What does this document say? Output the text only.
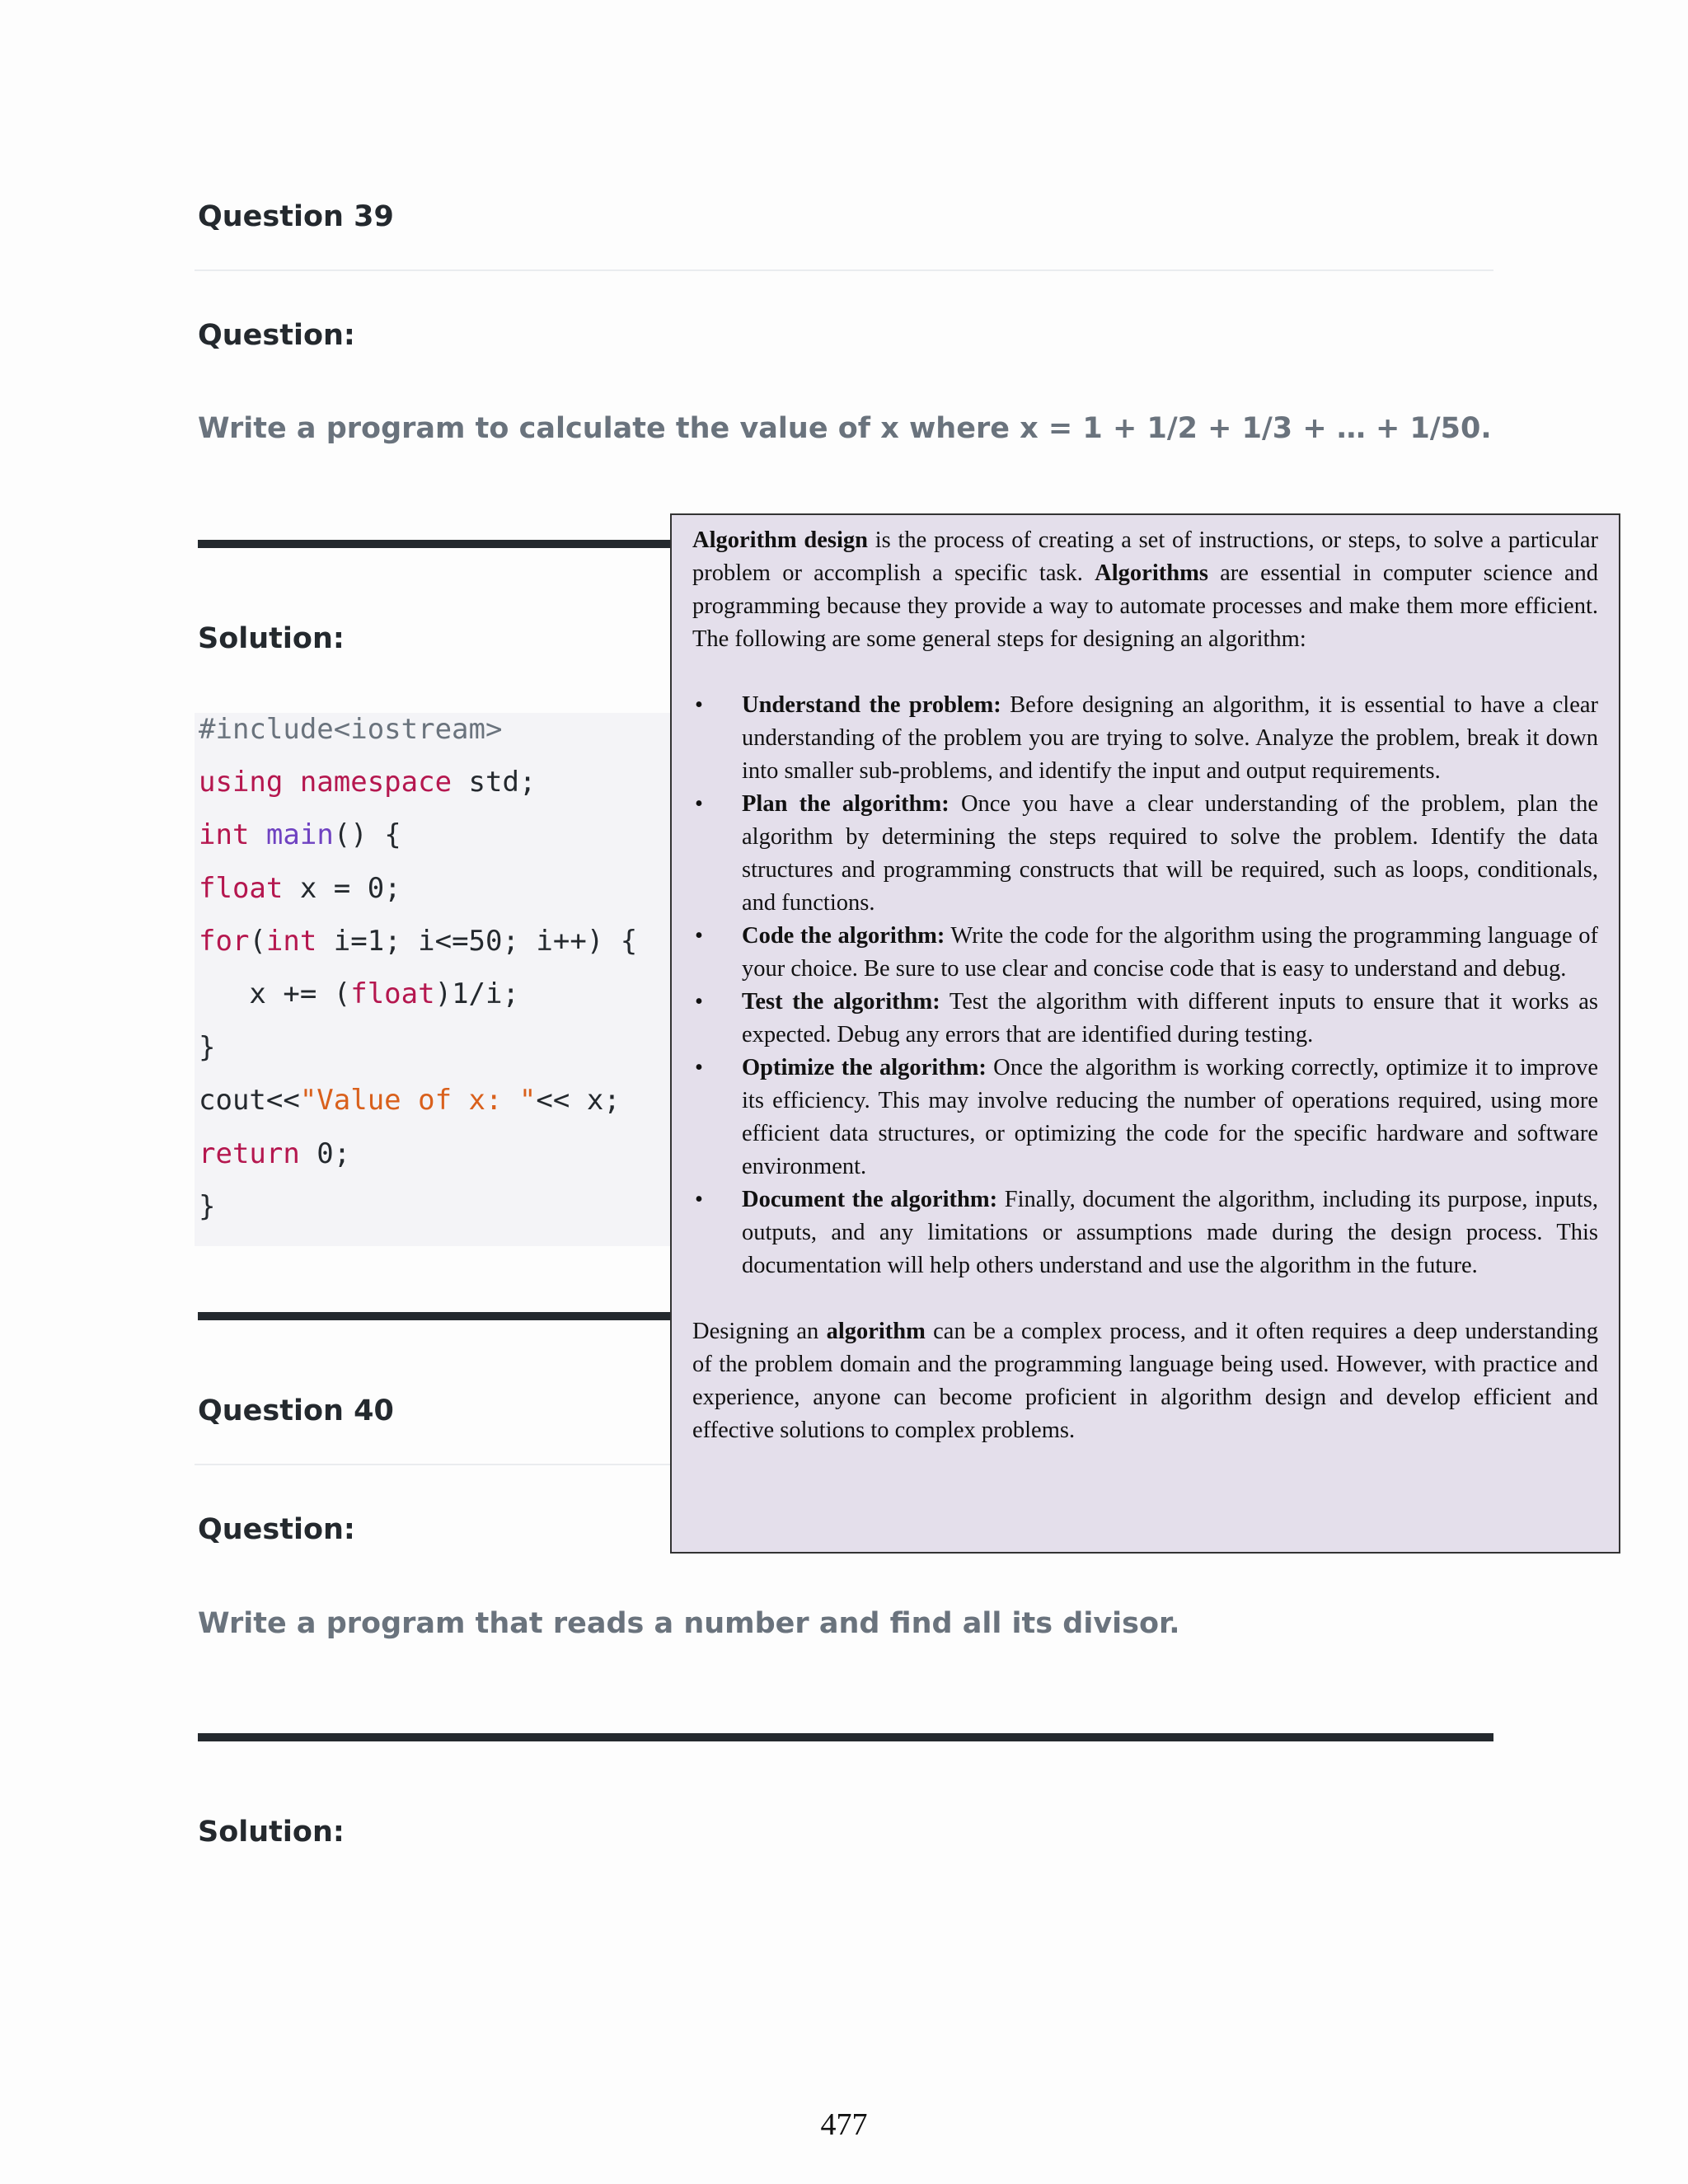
Question 39
Question:
Write a program to calculate the value of x where x = 1 + 1/2 + 1/3 + … + 1/50.
Solution:
#include<iostream>
using namespace std;
int main() {
float x = 0;
for(int i=1; i<=50; i++) {
x += (float)1/i;
}
cout<<"Value of x: "<< x;
return 0;
}
Question 40
Question:
Write a program that reads a number and find all its divisor.
Solution:

Algorithm design is the process of creating a set of instructions, or steps, to solve a particular problem or accomplish a specific task. Algorithms are essential in computer science and programming because they provide a way to automate processes and make them more efficient. The following are some general steps for designing an algorithm:

• Understand the problem: Before designing an algorithm, it is essential to have a clear understanding of the problem you are trying to solve. Analyze the problem, break it down into smaller sub-problems, and identify the input and output requirements.
• Plan the algorithm: Once you have a clear understanding of the problem, plan the algorithm by determining the steps required to solve the problem. Identify the data structures and programming constructs that will be required, such as loops, conditionals, and functions.
• Code the algorithm: Write the code for the algorithm using the programming language of your choice. Be sure to use clear and concise code that is easy to understand and debug.
• Test the algorithm: Test the algorithm with different inputs to ensure that it works as expected. Debug any errors that are identified during testing.
• Optimize the algorithm: Once the algorithm is working correctly, optimize it to improve its efficiency. This may involve reducing the number of operations required, using more efficient data structures, or optimizing the code for the specific hardware and software environment.
• Document the algorithm: Finally, document the algorithm, including its purpose, inputs, outputs, and any limitations or assumptions made during the design process. This documentation will help others understand and use the algorithm in the future.

Designing an algorithm can be a complex process, and it often requires a deep understanding of the problem domain and the programming language being used. However, with practice and experience, anyone can become proficient in algorithm design and develop efficient and effective solutions to complex problems.

477
